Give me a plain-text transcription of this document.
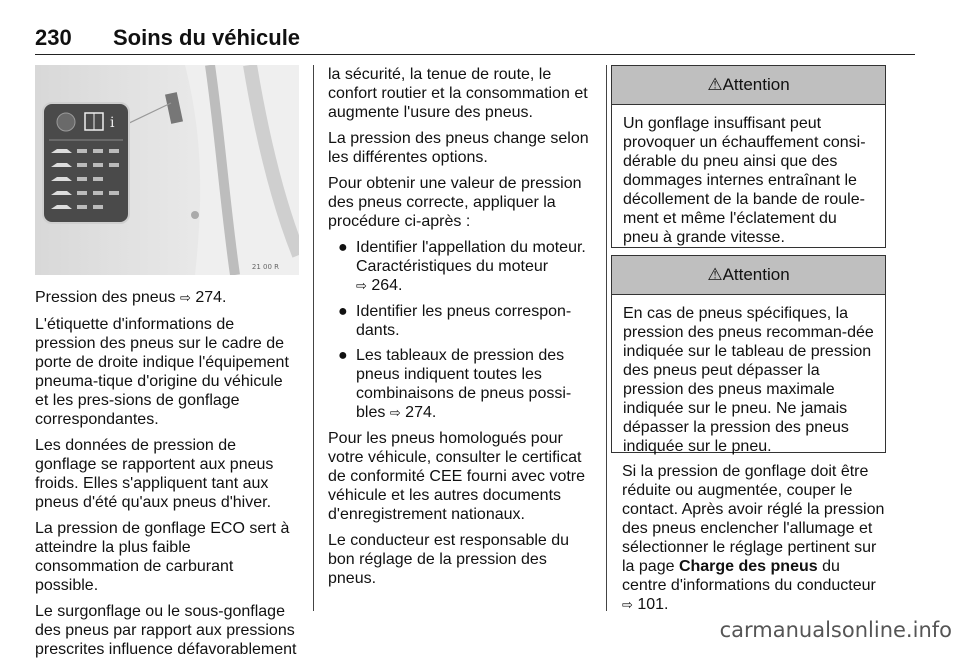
230 Soins du véhicule
i
21 00 R

Pression des pneus ⇨ 274.

L'étiquette d'informations de pression des pneus sur le cadre de porte de droite indique l'équipement pneuma-tique d'origine du véhicule et les pres-sions de gonflage correspondantes.

Les données de pression de gonflage se rapportent aux pneus froids. Elles s'appliquent tant aux pneus d'été qu'aux pneus d'hiver.

La pression de gonflage ECO sert à atteindre la plus faible consommation de carburant possible.

Le surgonflage ou le sous-gonflage des pneus par rapport aux pressions prescrites influence défavorablement

la sécurité, la tenue de route, le confort routier et la consommation et augmente l'usure des pneus.

La pression des pneus change selon les différentes options.

Pour obtenir une valeur de pression des pneus correcte, appliquer la procédure ci-après :

● Identifier l'appellation du moteur. Caractéristiques du moteur
⇨ 264.
● Identifier les pneus correspon-dants.
● Les tableaux de pression des pneus indiquent toutes les combinaisons de pneus possi-bles ⇨ 274.

Pour les pneus homologués pour votre véhicule, consulter le certificat de conformité CEE fourni avec votre véhicule et les autres documents d'enregistrement nationaux.

Le conducteur est responsable du bon réglage de la pression des pneus.

⚠Attention
Un gonflage insuffisant peut provoquer un échauffement consi-dérable du pneu ainsi que des dommages internes entraînant le décollement de la bande de roule-ment et même l'éclatement du pneu à grande vitesse.
⚠Attention
En cas de pneus spécifiques, la pression des pneus recomman-dée indiquée sur le tableau de pression des pneus peut dépasser la pression des pneus maximale indiquée sur le pneu. Ne jamais dépasser la pression des pneus indiquée sur le pneu.

Si la pression de gonflage doit être réduite ou augmentée, couper le contact. Après avoir réglé la pression des pneus enclencher l'allumage et sélectionner le réglage pertinent sur la page Charge des pneus du centre d'informations du conducteur ⇨ 101.

carmanualsonline.info
